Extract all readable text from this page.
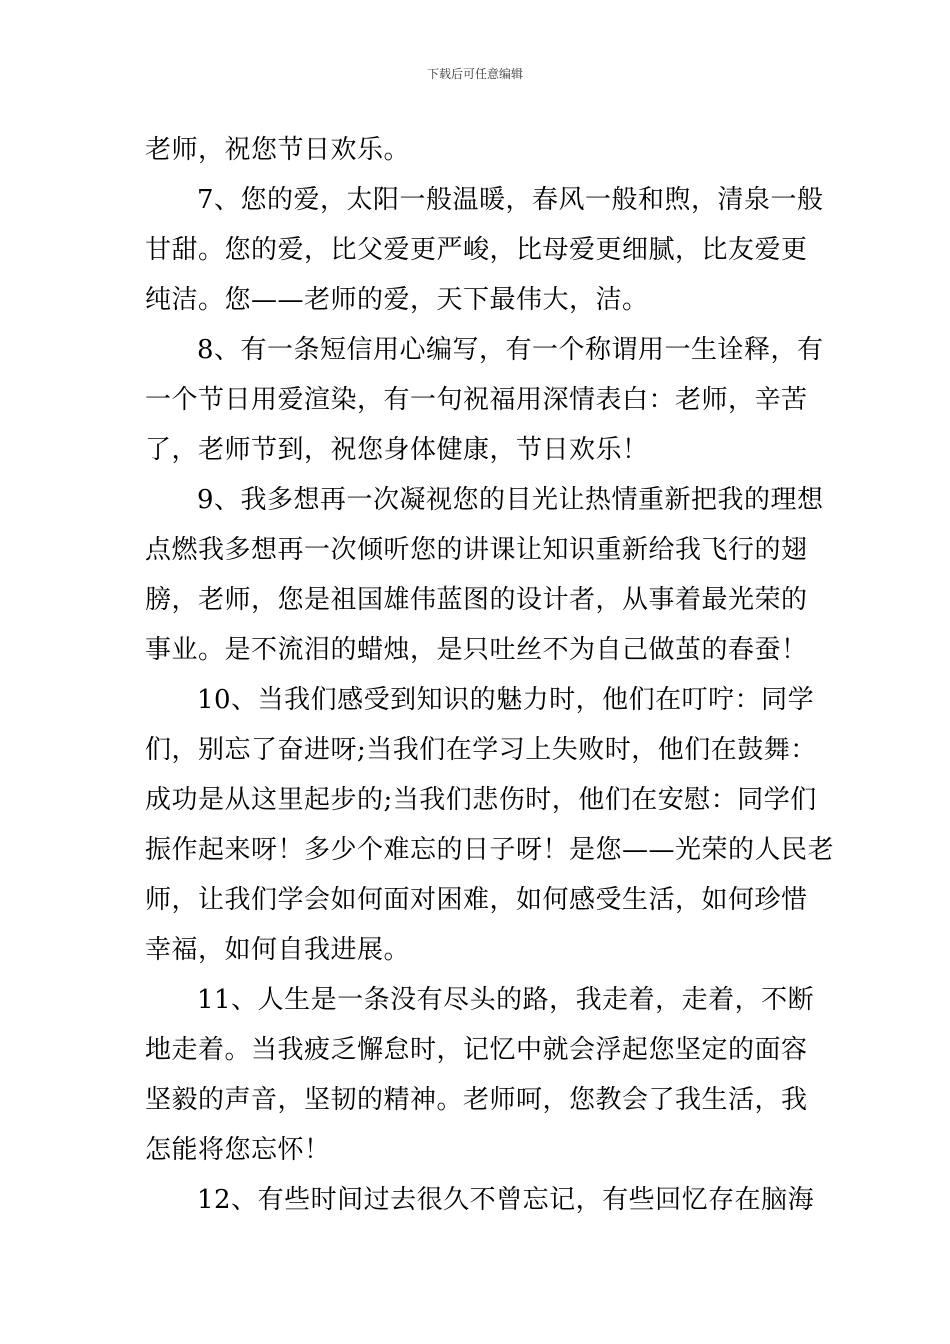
下载后可任意编辑
老师，祝您节日欢乐。
7、您的爱，太阳一般温暖，春风一般和煦，清泉一般
甘甜。您的爱，比父爱更严峻，比母爱更细腻，比友爱更
纯洁。您——老师的爱，天下最伟大，洁。
8、有一条短信用心编写，有一个称谓用一生诠释，有
一个节日用爱渲染，有一句祝福用深情表白：老师，辛苦
了，老师节到，祝您身体健康，节日欢乐！
9、我多想再一次凝视您的目光让热情重新把我的理想
点燃我多想再一次倾听您的讲课让知识重新给我飞行的翅
膀，老师，您是祖国雄伟蓝图的设计者，从事着最光荣的
事业。是不流泪的蜡烛，是只吐丝不为自己做茧的春蚕！
10、当我们感受到知识的魅力时，他们在叮咛：同学
们，别忘了奋进呀;当我们在学习上失败时，他们在鼓舞：
成功是从这里起步的;当我们悲伤时，他们在安慰：同学们
振作起来呀！多少个难忘的日子呀！是您——光荣的人民老
师，让我们学会如何面对困难，如何感受生活，如何珍惜
幸福，如何自我进展。
11、人生是一条没有尽头的路，我走着，走着，不断
地走着。当我疲乏懈怠时，记忆中就会浮起您坚定的面容
坚毅的声音，坚韧的精神。老师呵，您教会了我生活，我
怎能将您忘怀！
12、有些时间过去很久不曾忘记，有些回忆存在脑海
